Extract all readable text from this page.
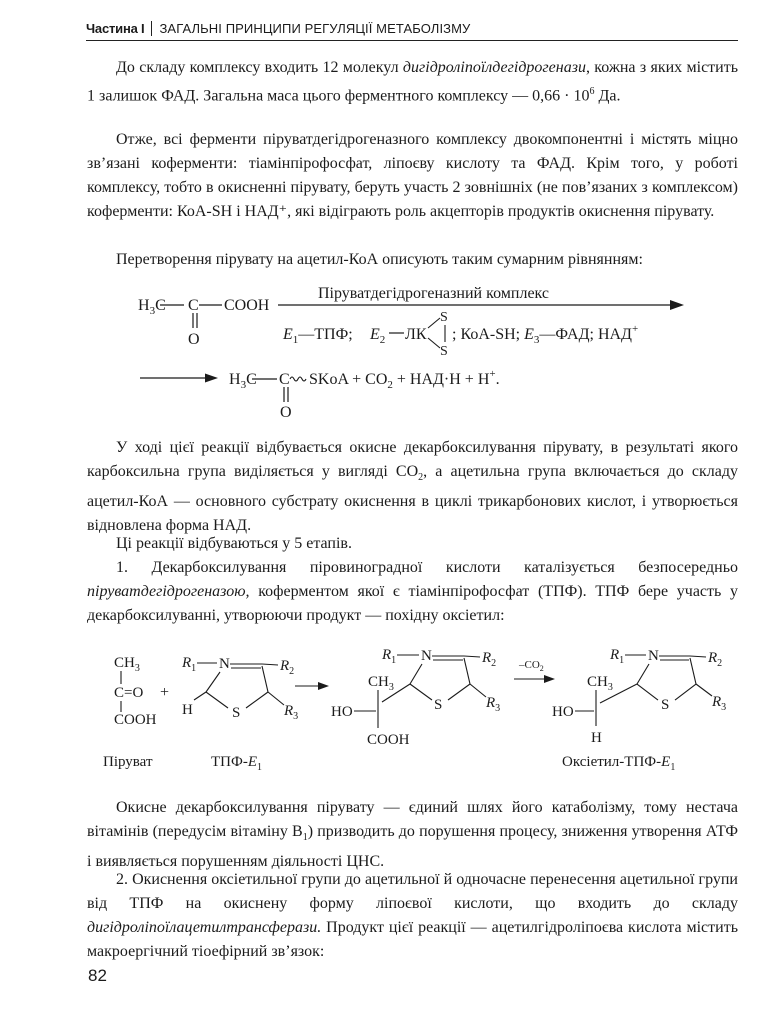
Частина I	ЗАГАЛЬНІ ПРИНЦИПИ РЕГУЛЯЦІЇ МЕТАБОЛІЗМУ

До складу комплексу входить 12 молекул дигідроліпоїлдегідрогенази, кожна з яких містить 1 залишок ФАД. Загальна маса цього ферментного комплексу — $0,66 \cdot 10^6$ Да.

Отже, всі ферменти піруватдегідрогеназного комплексу двокомпонентні і містять міцно зв’язані коферменти: тіамінпірофосфат, ліпоєву кислоту та ФАД. Крім того, у роботі комплексу, тобто в окисненні пірувату, беруть участь 2 зовнішніх (не пов’язаних з комплексом) коферменти: КоА-SH і НАД⁺, які відіграють роль акцепторів продуктів окиснення пірувату.

Перетворення пірувату на ацетил-КоА описують таким сумарним рівнянням:

$H_3C$ C COOH
O
Піруватдегідрогеназний комплекс
$E_1—ТПФ$; $E_2$ ЛК
S
S
; КоА-SH; $E_3—ФАД$; НАД+
$H_3C$ C SKoA + $CO_2 + НАД\cdot Н + H^+$.
O

У ході цієї реакції відбувається окисне декарбоксилування пірувату, в результаті якого карбоксильна група виділяється у вигляді $CO_2$, а ацетильна група включається до складу ацетил-КоА — основного субстрату окиснення в циклі трикарбонових кислот, і утворюється відновлена форма НАД.

Ці реакції відбуваються у 5 етапів.

1. Декарбоксилування піровиноградної кислоти каталізується безпосередньо піруватдегідрогеназою, коферментом якої є тіамінпірофосфат (ТПФ). ТПФ бере участь у декарбоксилуванні, утворюючи продукт — похідну оксіетил:

$CH_3$
C=O
COOH
+
Піруват
$R_1$ N	$R_2$
$R_3$
S
H
ТПФ-$E_1$
$R_1$ N	$R_2$
$R_3$
S
$CH_3$
HO
COOH
$-CO_2$
$R_1$ N	$R_2$
$R_3$
S
$CH_3$
HO
H
Оксіетил-$ТПФ-E_1$

Окисне декарбоксилування пірувату — єдиний шлях його катаболізму, тому нестача вітамінів (передусім вітаміну $B_1$) призводить до порушення процесу, зниження утворення АТФ і виявляється порушенням діяльності ЦНС.

2. Окиснення оксіетильної групи до ацетильної й одночасне перенесення ацетильної групи від ТПФ на окиснену форму ліпоєвої кислоти, що входить до складу дигідроліпоїлацетилтрансферази. Продукт цієї реакції — ацетилгідроліпоєва кислота містить макроергічний тіоефірний зв’язок:

82
